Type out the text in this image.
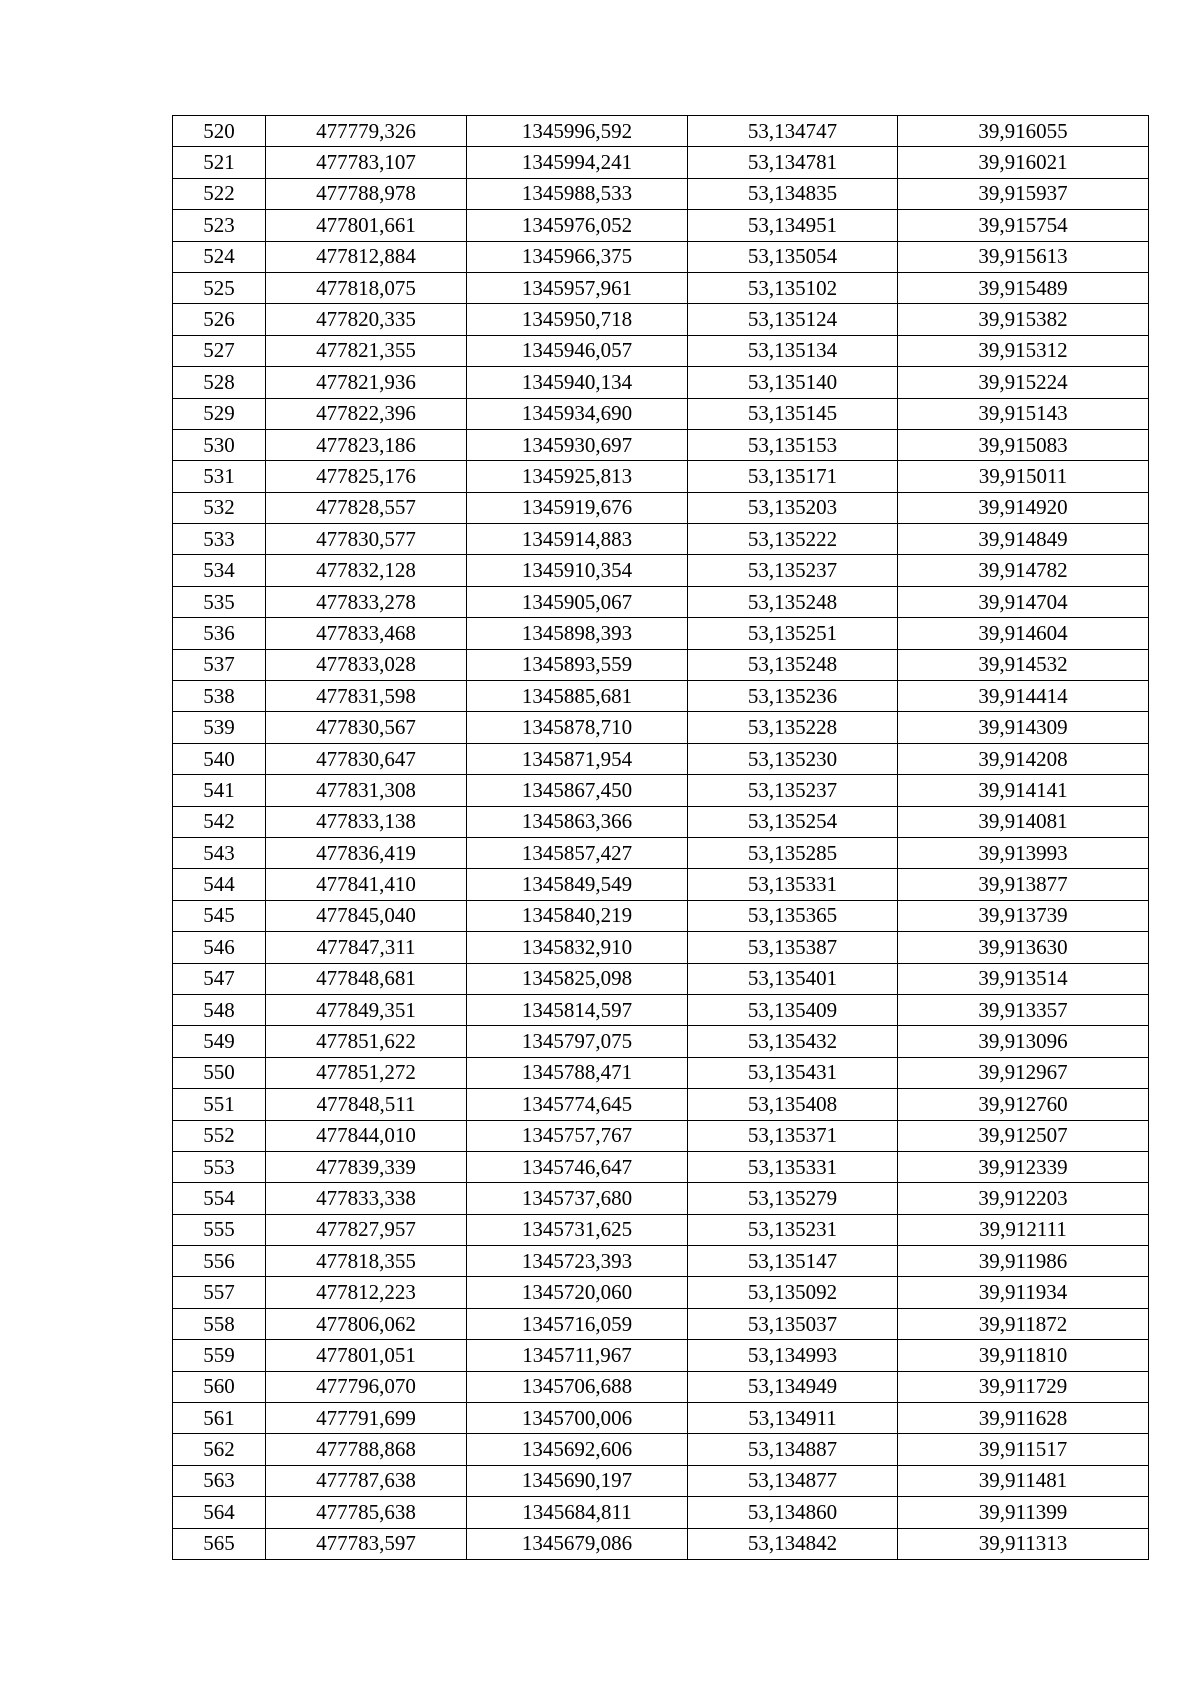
520	477779,326	1345996,592	53,134747	39,916055
521	477783,107	1345994,241	53,134781	39,916021
522	477788,978	1345988,533	53,134835	39,915937
523	477801,661	1345976,052	53,134951	39,915754
524	477812,884	1345966,375	53,135054	39,915613
525	477818,075	1345957,961	53,135102	39,915489
526	477820,335	1345950,718	53,135124	39,915382
527	477821,355	1345946,057	53,135134	39,915312
528	477821,936	1345940,134	53,135140	39,915224
529	477822,396	1345934,690	53,135145	39,915143
530	477823,186	1345930,697	53,135153	39,915083
531	477825,176	1345925,813	53,135171	39,915011
532	477828,557	1345919,676	53,135203	39,914920
533	477830,577	1345914,883	53,135222	39,914849
534	477832,128	1345910,354	53,135237	39,914782
535	477833,278	1345905,067	53,135248	39,914704
536	477833,468	1345898,393	53,135251	39,914604
537	477833,028	1345893,559	53,135248	39,914532
538	477831,598	1345885,681	53,135236	39,914414
539	477830,567	1345878,710	53,135228	39,914309
540	477830,647	1345871,954	53,135230	39,914208
541	477831,308	1345867,450	53,135237	39,914141
542	477833,138	1345863,366	53,135254	39,914081
543	477836,419	1345857,427	53,135285	39,913993
544	477841,410	1345849,549	53,135331	39,913877
545	477845,040	1345840,219	53,135365	39,913739
546	477847,311	1345832,910	53,135387	39,913630
547	477848,681	1345825,098	53,135401	39,913514
548	477849,351	1345814,597	53,135409	39,913357
549	477851,622	1345797,075	53,135432	39,913096
550	477851,272	1345788,471	53,135431	39,912967
551	477848,511	1345774,645	53,135408	39,912760
552	477844,010	1345757,767	53,135371	39,912507
553	477839,339	1345746,647	53,135331	39,912339
554	477833,338	1345737,680	53,135279	39,912203
555	477827,957	1345731,625	53,135231	39,912111
556	477818,355	1345723,393	53,135147	39,911986
557	477812,223	1345720,060	53,135092	39,911934
558	477806,062	1345716,059	53,135037	39,911872
559	477801,051	1345711,967	53,134993	39,911810
560	477796,070	1345706,688	53,134949	39,911729
561	477791,699	1345700,006	53,134911	39,911628
562	477788,868	1345692,606	53,134887	39,911517
563	477787,638	1345690,197	53,134877	39,911481
564	477785,638	1345684,811	53,134860	39,911399
565	477783,597	1345679,086	53,134842	39,911313
